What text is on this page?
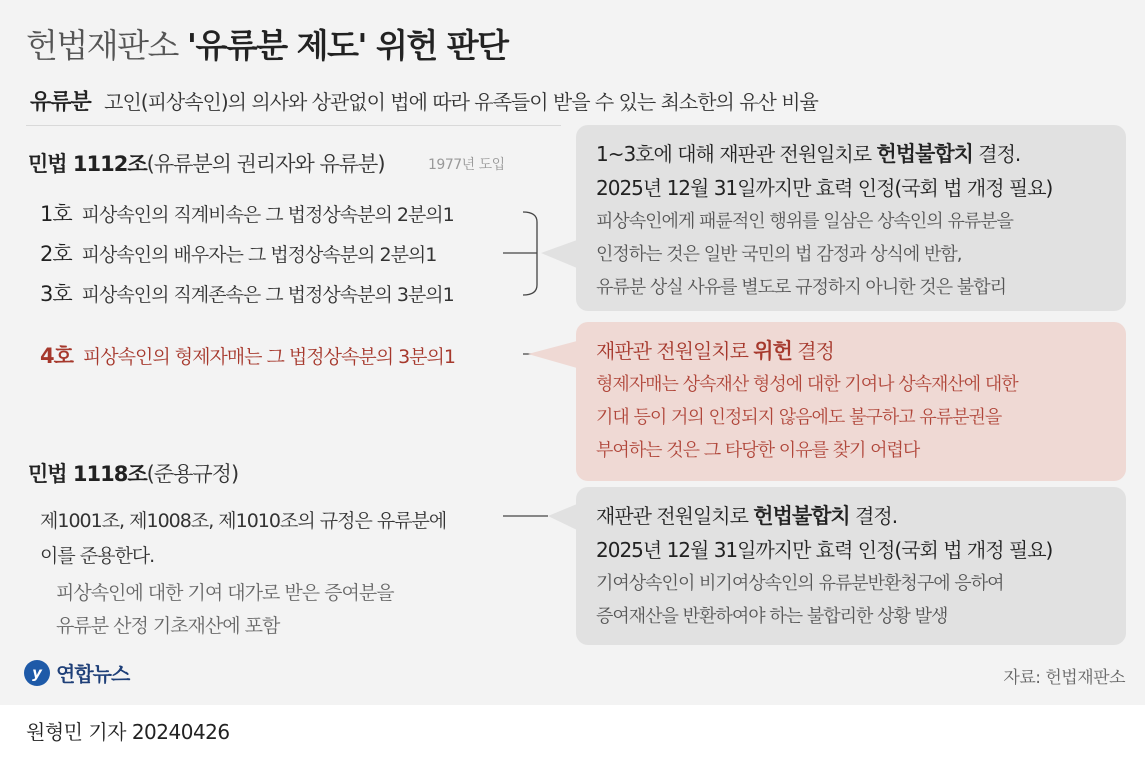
헌법재판소 '유류분 제도' 위헌 판단
유류분 고인(피상속인)의 의사와 상관없이 법에 따라 유족들이 받을 수 있는 최소한의 유산 비율
민법 1112조(유류분의 권리자와 유류분)	1977년 도입
1호 피상속인의 직계비속은 그 법정상속분의 2분의1
2호 피상속인의 배우자는 그 법정상속분의 2분의1
3호 피상속인의 직계존속은 그 법정상속분의 3분의1
4호 피상속인의 형제자매는 그 법정상속분의 3분의1
민법 1118조(준용규정)
제1001조, 제1008조, 제1010조의 규정은 유류분에
이를 준용한다.
피상속인에 대한 기여 대가로 받은 증여분을
유류분 산정 기초재산에 포함
1~3호에 대해 재판관 전원일치로 헌법불합치 결정.
2025년 12월 31일까지만 효력 인정(국회 법 개정 필요)
피상속인에게 패륜적인 행위를 일삼은 상속인의 유류분을
인정하는 것은 일반 국민의 법 감정과 상식에 반함,
유류분 상실 사유를 별도로 규정하지 아니한 것은 불합리
재판관 전원일치로 위헌 결정
형제자매는 상속재산 형성에 대한 기여나 상속재산에 대한
기대 등이 거의 인정되지 않음에도 불구하고 유류분권을
부여하는 것은 그 타당한 이유를 찾기 어렵다
재판관 전원일치로 헌법불합치 결정.
2025년 12월 31일까지만 효력 인정(국회 법 개정 필요)
기여상속인이 비기여상속인의 유류분반환청구에 응하여
증여재산을 반환하여야 하는 불합리한 상황 발생
y 연합뉴스	자료: 헌법재판소
원형민 기자 20240426
